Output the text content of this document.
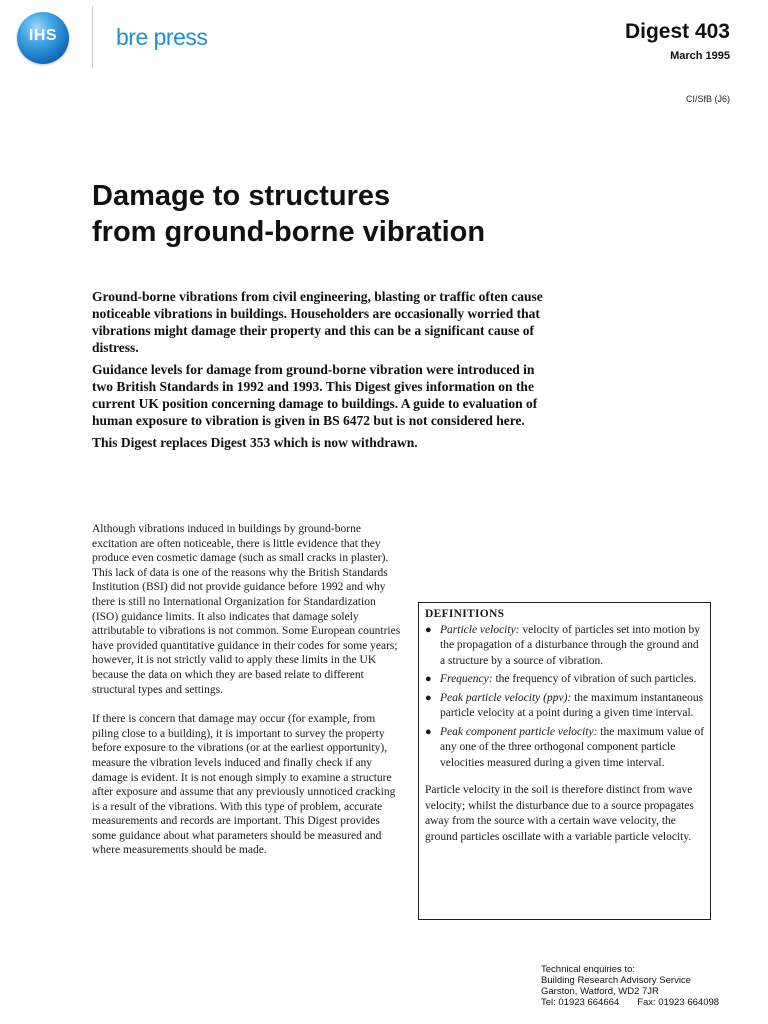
IHS	bre press	Digest 403
March 1995
CI/SfB (J6)
Damage to structures
from ground-borne vibration

Ground-borne vibrations from civil engineering, blasting or traffic often cause noticeable vibrations in buildings. Householders are occasionally worried that vibrations might damage their property and this can be a significant cause of distress.

Guidance levels for damage from ground-borne vibration were introduced in two British Standards in 1992 and 1993. This Digest gives information on the current UK position concerning damage to buildings. A guide to evaluation of human exposure to vibration is given in BS 6472 but is not considered here.

This Digest replaces Digest 353 which is now withdrawn.

Although vibrations induced in buildings by ground-borne excitation are often noticeable, there is little evidence that they produce even cosmetic damage (such as small cracks in plaster). This lack of data is one of the reasons why the British Standards Institution (BSI) did not provide guidance before 1992 and why there is still no International Organization for Standardization (ISO) guidance limits. It also indicates that damage solely attributable to vibrations is not common. Some European countries have provided quantitative guidance in their codes for some years; however, it is not strictly valid to apply these limits in the UK because the data on which they are based relate to different structural types and settings.

If there is concern that damage may occur (for example, from piling close to a building), it is important to survey the property before exposure to the vibrations (or at the earliest opportunity), measure the vibration levels induced and finally check if any damage is evident. It is not enough simply to examine a structure after exposure and assume that any previously unnoticed cracking is a result of the vibrations. With this type of problem, accurate measurements and records are important. This Digest provides some guidance about what parameters should be measured and where measurements should be made.

DEFINITIONS
● Particle velocity: velocity of particles set into motion by the propagation of a disturbance through the ground and a structure by a source of vibration.
● Frequency: the frequency of vibration of such particles.
● Peak particle velocity (ppv): the maximum instantaneous particle velocity at a point during a given time interval.
● Peak component particle velocity: the maximum value of any one of the three orthogonal component particle velocities measured during a given time interval.
Particle velocity in the soil is therefore distinct from wave velocity; whilst the disturbance due to a source propagates away from the source with a certain wave velocity, the ground particles oscillate with a variable particle velocity.
Technical enquiries to:
Building Research Advisory Service
Garston, Watford, WD2 7JR
Tel: 01923 664664 Fax: 01923 664098
